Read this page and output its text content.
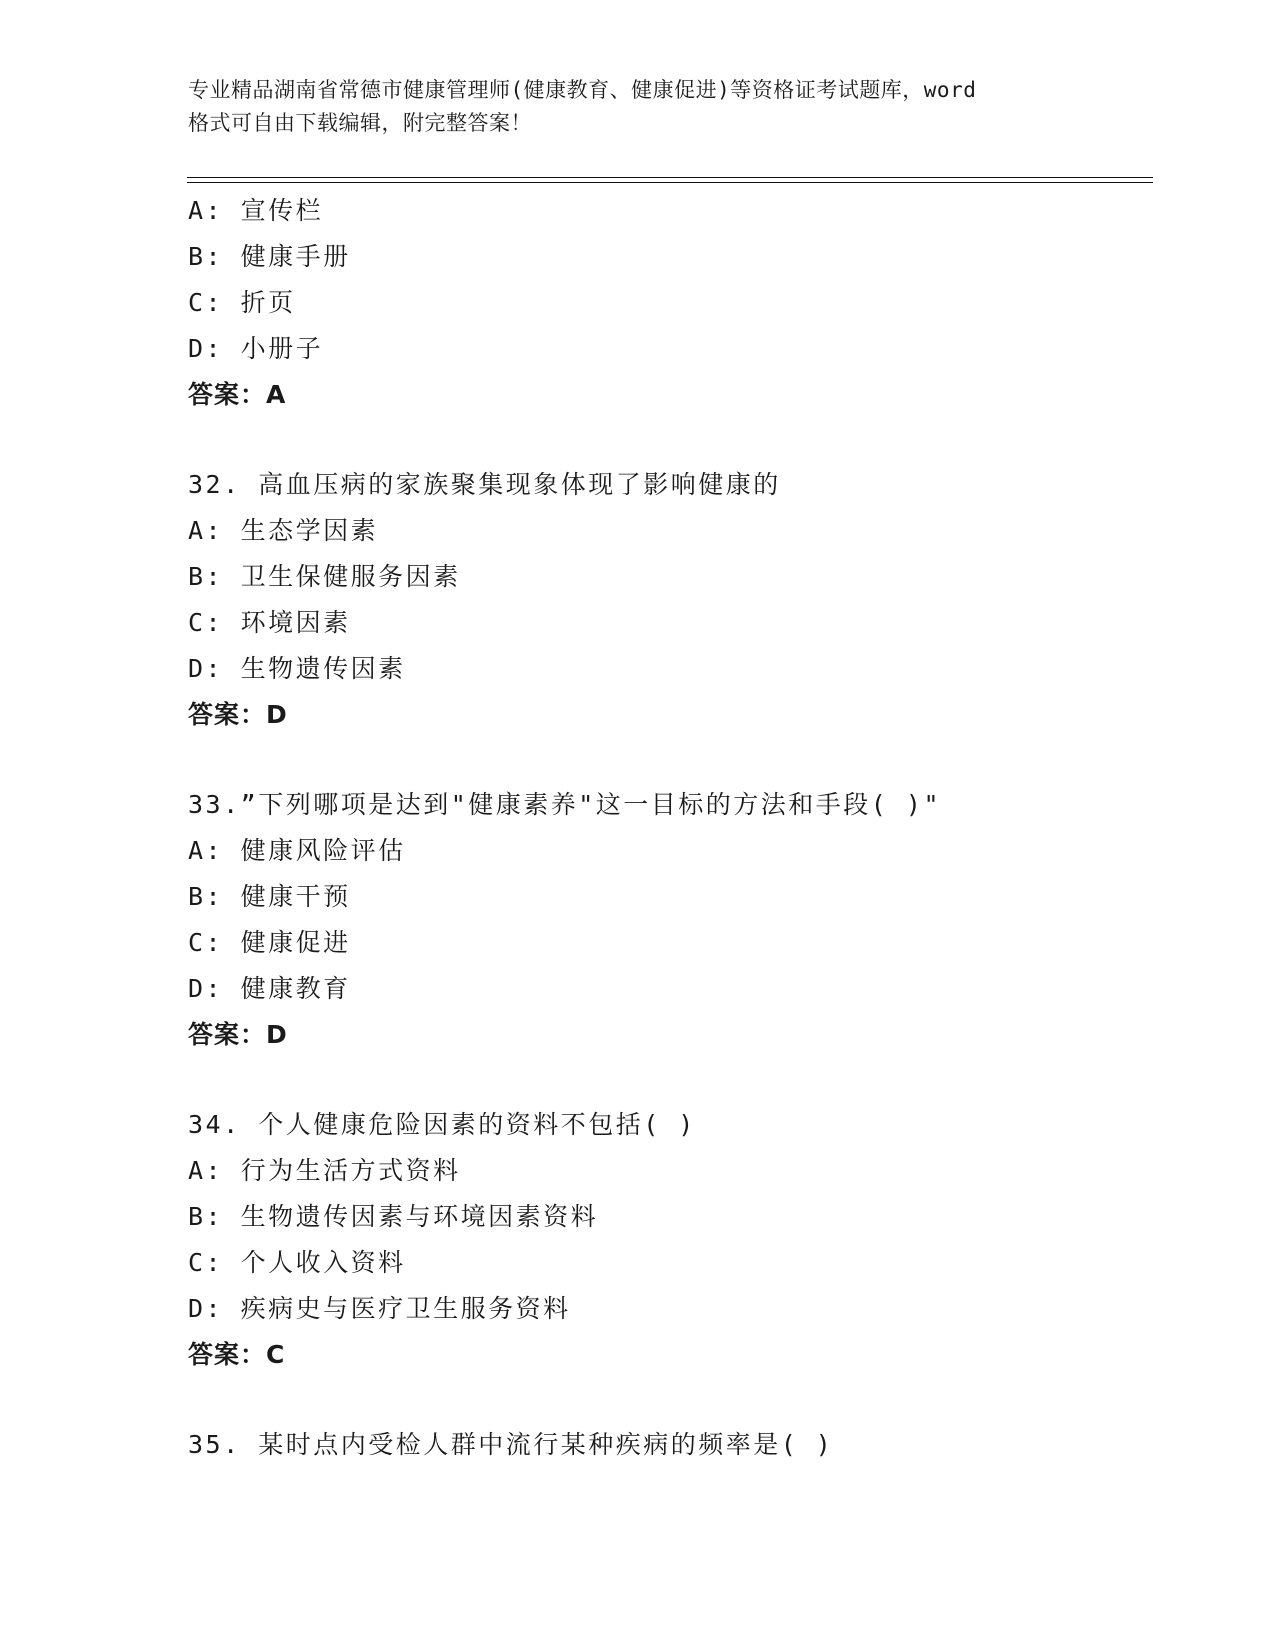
专业精品湖南省常德市健康管理师(健康教育、健康促进)等资格证考试题库，word
格式可自由下载编辑，附完整答案！
A: 宣传栏
B: 健康手册
C: 折页
D: 小册子
答案：A
32. 高血压病的家族聚集现象体现了影响健康的
A: 生态学因素
B: 卫生保健服务因素
C: 环境因素
D: 生物遗传因素
答案：D
33.”下列哪项是达到"健康素养"这一目标的方法和手段( )"
A: 健康风险评估
B: 健康干预
C: 健康促进
D: 健康教育
答案：D
34. 个人健康危险因素的资料不包括( )
A: 行为生活方式资料
B: 生物遗传因素与环境因素资料
C: 个人收入资料
D: 疾病史与医疗卫生服务资料
答案：C
35. 某时点内受检人群中流行某种疾病的频率是( )
